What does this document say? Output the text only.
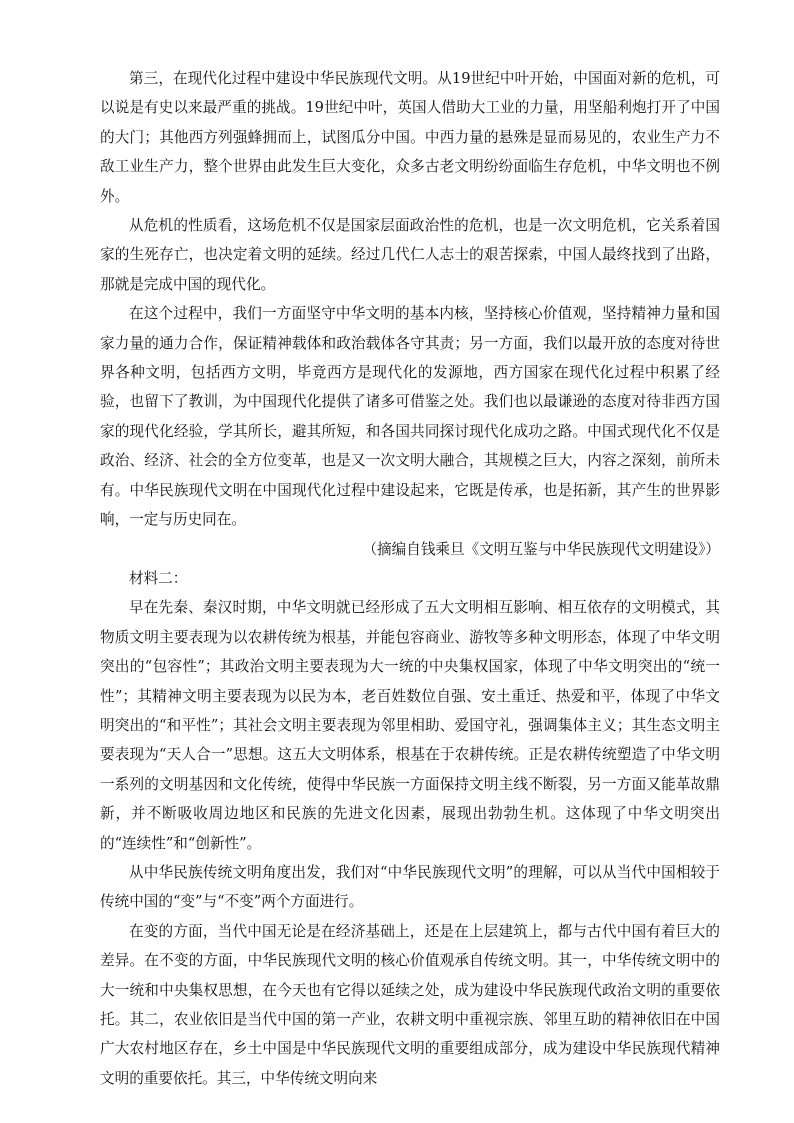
第三，在现代化过程中建设中华民族现代文明。从19世纪中叶开始，中国面对新的危机，可以说是有史以来最严重的挑战。19世纪中叶，英国人借助大工业的力量，用坚船利炮打开了中国的大门；其他西方列强蜂拥而上，试图瓜分中国。中西力量的悬殊是显而易见的，农业生产力不敌工业生产力，整个世界由此发生巨大变化，众多古老文明纷纷面临生存危机，中华文明也不例外。

从危机的性质看，这场危机不仅是国家层面政治性的危机，也是一次文明危机，它关系着国家的生死存亡，也决定着文明的延续。经过几代仁人志士的艰苦探索，中国人最终找到了出路，那就是完成中国的现代化。

在这个过程中，我们一方面坚守中华文明的基本内核，坚持核心价值观，坚持精神力量和国家力量的通力合作，保证精神载体和政治载体各守其责；另一方面，我们以最开放的态度对待世界各种文明，包括西方文明，毕竟西方是现代化的发源地，西方国家在现代化过程中积累了经验，也留下了教训，为中国现代化提供了诸多可借鉴之处。我们也以最谦逊的态度对待非西方国家的现代化经验，学其所长，避其所短，和各国共同探讨现代化成功之路。中国式现代化不仅是政治、经济、社会的全方位变革，也是又一次文明大融合，其规模之巨大，内容之深刻，前所未有。中华民族现代文明在中国现代化过程中建设起来，它既是传承，也是拓新，其产生的世界影响，一定与历史同在。

（摘编自钱乘旦《文明互鉴与中华民族现代文明建设》）

材料二：

早在先秦、秦汉时期，中华文明就已经形成了五大文明相互影响、相互依存的文明模式，其物质文明主要表现为以农耕传统为根基，并能包容商业、游牧等多种文明形态，体现了中华文明突出的“包容性”；其政治文明主要表现为大一统的中央集权国家，体现了中华文明突出的“统一性”；其精神文明主要表现为以民为本，老百姓数位自强、安土重迁、热爱和平，体现了中华文明突出的“和平性”；其社会文明主要表现为邻里相助、爱国守礼，强调集体主义；其生态文明主要表现为“天人合一”思想。这五大文明体系，根基在于农耕传统。正是农耕传统塑造了中华文明一系列的文明基因和文化传统，使得中华民族一方面保持文明主线不断裂，另一方面又能革故鼎新，并不断吸收周边地区和民族的先进文化因素，展现出勃勃生机。这体现了中华文明突出的“连续性”和“创新性”。

从中华民族传统文明角度出发，我们对“中华民族现代文明”的理解，可以从当代中国相较于传统中国的“变”与“不变”两个方面进行。

在变的方面，当代中国无论是在经济基础上，还是在上层建筑上，都与古代中国有着巨大的差异。在不变的方面，中华民族现代文明的核心价值观承自传统文明。其一，中华传统文明中的大一统和中央集权思想，在今天也有它得以延续之处，成为建设中华民族现代政治文明的重要依托。其二，农业依旧是当代中国的第一产业，农耕文明中重视宗族、邻里互助的精神依旧在中国广大农村地区存在，乡土中国是中华民族现代文明的重要组成部分，成为建设中华民族现代精神文明的重要依托。其三，中华传统文明向来
